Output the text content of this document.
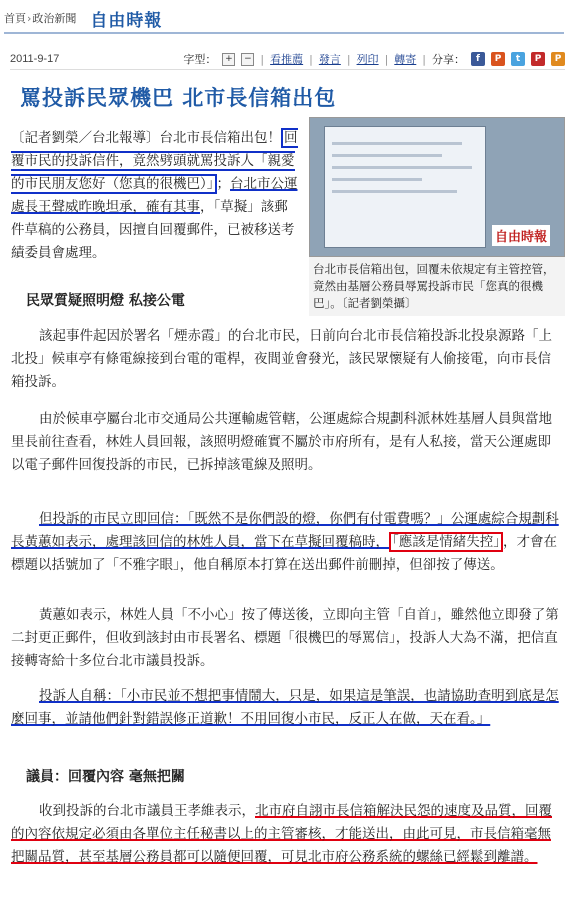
首頁›政治新聞 自由時報
2011-9-17	字型： +	− | 看推薦 | 發言 | 列印 | 轉寄 | 分享：	f	P	t	P	P
罵投訴民眾機巴 北市長信箱出包
自由時報
台北市長信箱出包，回覆未依規定有主管控管，竟然由基層公務員辱罵投訴市民「您真的很機巴」。〔記者劉榮攝〕
〔記者劉榮／台北報導〕台北市長信箱出包！ 回覆市民的投訴信件，竟然劈頭就罵投訴人「親愛的市民朋友您好（您真的很機巴）」 ；台北市公運處長王聲威昨晚坦承，確有其事，「草擬」該郵件草稿的公務員，因擅自回覆郵件，已被移送考績委員會處理。
民眾質疑照明燈 私接公電
該起事件起因於署名「煙赤霞」的台北市民，日前向台北市長信箱投訴北投泉源路「上北投」候車亭有條電線接到台電的電桿，夜間並會發光，該民眾懷疑有人偷接電，向市長信箱投訴。
由於候車亭屬台北市交通局公共運輸處管轄，公運處綜合規劃科派林姓基層人員與當地里長前往查看，林姓人員回報，該照明燈確實不屬於市府所有，是有人私接，當天公運處即以電子郵件回復投訴的市民，已拆掉該電線及照明。
但投訴的市民立即回信：「既然不是你們設的燈，你們有付電費嗎？」公運處綜合規劃科長黃蕙如表示，處理該回信的林姓人員，當下在草擬回覆稿時， 「應該是情緒失控」 ，才會在標題以括號加了「不雅字眼」，他自稱原本打算在送出郵件前刪掉，但卻按了傳送。
黃蕙如表示，林姓人員「不小心」按了傳送後，立即向主管「自首」，雖然他立即發了第二封更正郵件，但收到該封由市長署名、標題「很機巴的辱罵信」，投訴人大為不滿，把信直接轉寄給十多位台北市議員投訴。
投訴人自稱：「小市民並不想把事情鬧大，只是，如果這是筆誤，也請協助查明到底是怎麼回事，並請他們針對錯誤修正道歉！不用回復小市民，反正人在做，天在看。」
議員：回覆內容 毫無把關
收到投訴的台北市議員王孝維表示，北市府自詡市長信箱解決民怨的速度及品質，回覆的內容依規定必須由各單位主任秘書以上的主管審核，才能送出，由此可見，市長信箱毫無把關品質，甚至基層公務員都可以隨便回覆，可見北市府公務系統的螺絲已經鬆到離譜。
